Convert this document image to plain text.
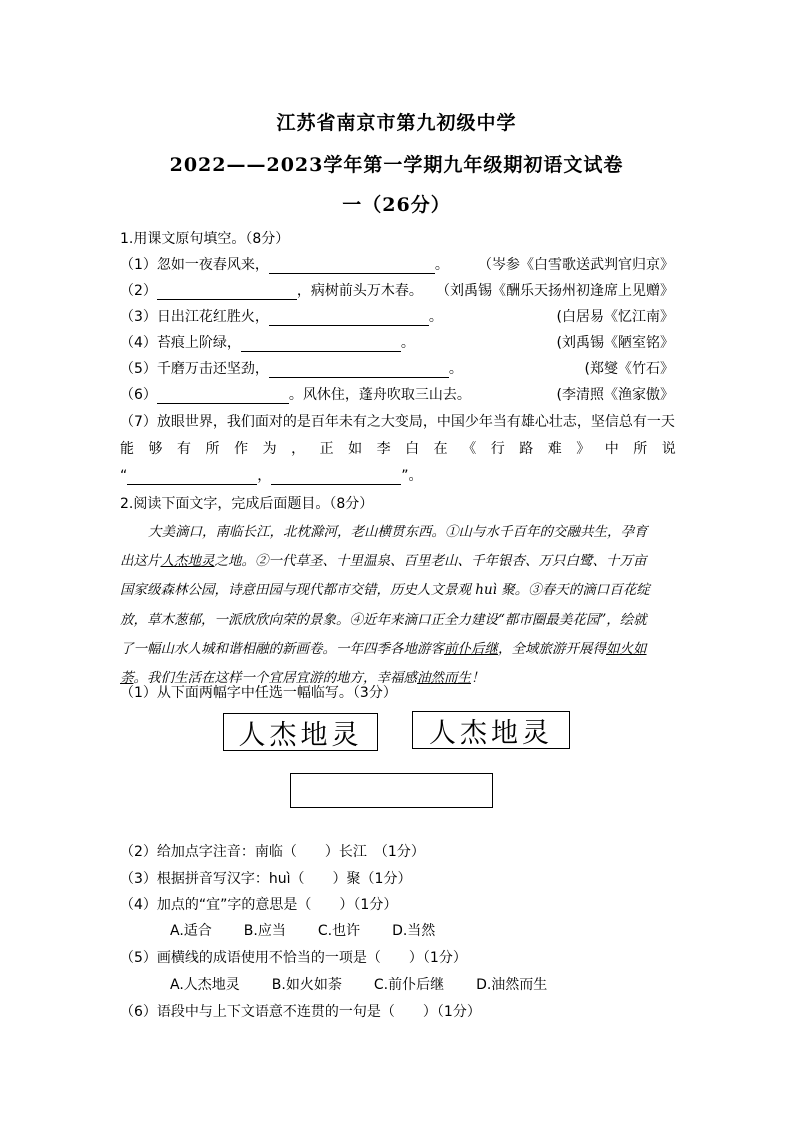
江苏省南京市第九初级中学
2022——2023学年第一学期九年级期初语文试卷
一（26分）
1.用课文原句填空。（8分）
（1）忽如一夜春风来，	。	（岑参《白雪歌送武判官归京》
（2）	，病树前头万木春。 （刘禹锡《酬乐天扬州初逢席上见赠》
（3）日出江花红胜火，	。	(白居易《忆江南》
（4）苔痕上阶绿，	。	(刘禹锡《陋室铭》
（5）千磨万击还坚劲，	。	(郑燮《竹石》
（6）	。风休住，蓬舟吹取三山去。	(李清照《渔家傲》
（7）放眼世界，我们面对的是百年未有之大变局，中国少年当有雄心壮志，坚信总有一天
能 够 有 所 作 为 ， 正 如 李 白 在 《 行 路 难 》 中 所 说
“	，	”。
2.阅读下面文字，完成后面题目。（8分）

大美滴口，南临长江，北枕滁河，老山横贯东西。①山与水千百年的交融共生，孕育

出这片人杰地灵之地。②一代草圣、十里温泉、百里老山、千年银杏、万只白鹭、十万亩

国家级森林公园，诗意田园与现代都市交错，历史人文景观 huì 聚。③春天的滴口百花绽

放，草木葱郁，一派欣欣向荣的景象。④近年来滴口正全力建设“都市圈最美花园”，绘就

了一幅山水人城和谐相融的新画卷。一年四季各地游客前仆后继，全域旅游开展得如火如

荼。我们生活在这样一个宜居宜游的地方，幸福感油然而生！

（1）从下面两幅字中任选一幅临写。（3分）
人杰地灵	人杰地灵
（2）给加点字注音：南临（　　）长江　（1分）
（3）根据拼音写汉字：huì（　　）聚（1分）
（4）加点的“宜”字的意思是（　　）（1分）
A.适合 B.应当 C.也许 D.当然
（5）画横线的成语使用不恰当的一项是（　　）（1分）
A.人杰地灵 B.如火如荼 C.前仆后继 D.油然而生
（6）语段中与上下文语意不连贯的一句是（　　）（1分）
